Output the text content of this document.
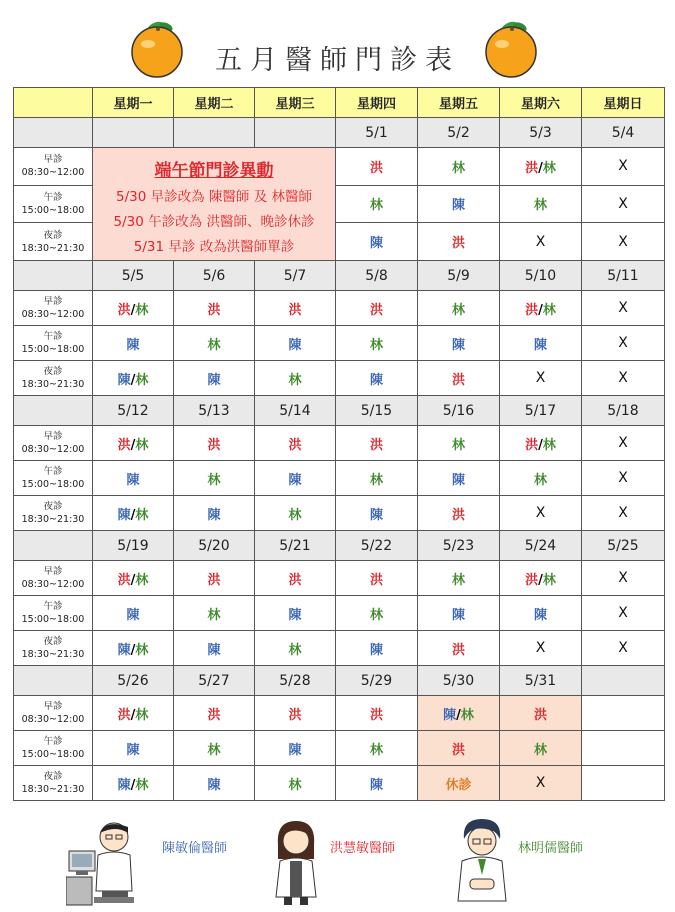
五月醫師門診表
	星期一	星期二	星期三	星期四	星期五	星期六	星期日
				5/1	5/2	5/3	5/4
早診
08:30~12:00	端午節門診異動
5/30 早診改為 陳醫師 及 林醫師
5/30 午診改為 洪醫師、晚診休診
5/31 早診 改為洪醫師單診			洪	林	洪/林	X
午診
15:00~18:00				林	陳	林	X
夜診
18:30~21:30				陳	洪	X	X
	5/5	5/6	5/7	5/8	5/9	5/10	5/11
早診
08:30~12:00	洪/林	洪	洪	洪	林	洪/林	X
午診
15:00~18:00	陳	林	陳	林	陳	陳	X
夜診
18:30~21:30	陳/林	陳	林	陳	洪	X	X
	5/12	5/13	5/14	5/15	5/16	5/17	5/18
早診
08:30~12:00	洪/林	洪	洪	洪	林	洪/林	X
午診
15:00~18:00	陳	林	陳	林	陳	林	X
夜診
18:30~21:30	陳/林	陳	林	陳	洪	X	X
	5/19	5/20	5/21	5/22	5/23	5/24	5/25
早診
08:30~12:00	洪/林	洪	洪	洪	林	洪/林	X
午診
15:00~18:00	陳	林	陳	林	陳	陳	X
夜診
18:30~21:30	陳/林	陳	林	陳	洪	X	X
	5/26	5/27	5/28	5/29	5/30	5/31	
早診
08:30~12:00	洪/林	洪	洪	洪	陳/林	洪	
午診
15:00~18:00	陳	林	陳	林	洪	林	
夜診
18:30~21:30	陳/林	陳	林	陳	休診	X	
陳敏倫醫師	洪慧敏醫師	林明儒醫師
